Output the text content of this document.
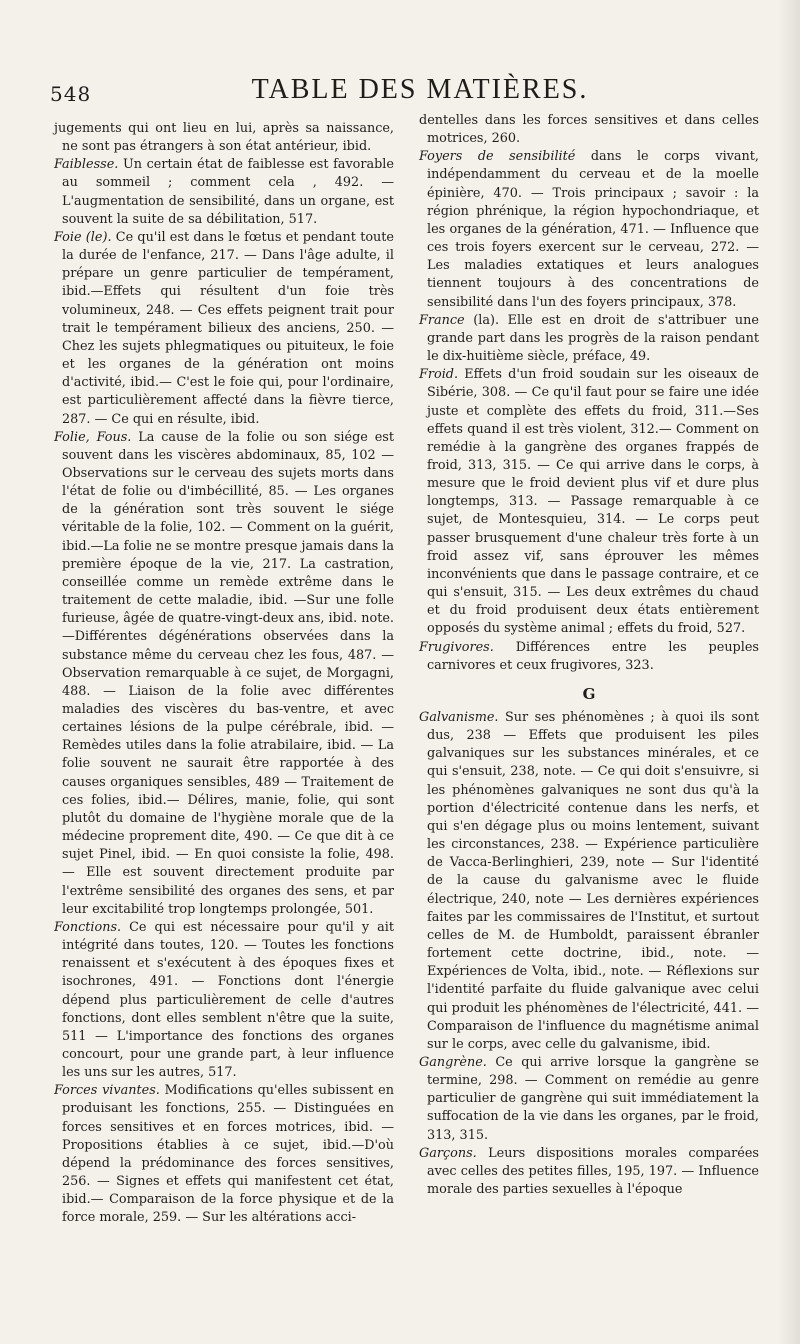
548	TABLE DES MATIÈRES.

jugements qui ont lieu en lui, après sa naissance, ne sont pas étrangers à son état antérieur, ibid.

Faiblesse. Un certain état de faiblesse est favorable au sommeil ; comment cela , 492. — L'augmentation de sensibilité, dans un organe, est souvent la suite de sa débilitation, 517.

Foie (le). Ce qu'il est dans le fœtus et pendant toute la durée de l'enfance, 217. — Dans l'âge adulte, il prépare un genre particulier de tempérament, ibid.—Effets qui résultent d'un foie très volumineux, 248. — Ces effets peignent trait pour trait le tempérament bilieux des anciens, 250. — Chez les sujets phlegmatiques ou pituiteux, le foie et les organes de la génération ont moins d'activité, ibid.— C'est le foie qui, pour l'ordinaire, est particulièrement affecté dans la fièvre tierce, 287. — Ce qui en résulte, ibid.

Folie, Fous. La cause de la folie ou son siége est souvent dans les viscères abdominaux, 85, 102 — Observations sur le cerveau des sujets morts dans l'état de folie ou d'imbécillité, 85. — Les organes de la génération sont très souvent le siége véritable de la folie, 102. — Comment on la guérit, ibid.—La folie ne se montre presque jamais dans la première époque de la vie, 217. La castration, conseillée comme un remède extrême dans le traitement de cette maladie, ibid. —Sur une folle furieuse, âgée de quatre-vingt-deux ans, ibid. note.—Différentes dégénérations observées dans la substance même du cerveau chez les fous, 487. — Observation remarquable à ce sujet, de Morgagni, 488. — Liaison de la folie avec différentes maladies des viscères du bas-ventre, et avec certaines lésions de la pulpe cérébrale, ibid. — Remèdes utiles dans la folie atrabilaire, ibid. — La folie souvent ne saurait être rapportée à des causes organiques sensibles, 489 — Traitement de ces folies, ibid.— Délires, manie, folie, qui sont plutôt du domaine de l'hygiène morale que de la médecine proprement dite, 490. — Ce que dit à ce sujet Pinel, ibid. — En quoi consiste la folie, 498. — Elle est souvent directement produite par l'extrême sensibilité des organes des sens, et par leur excitabilité trop longtemps prolongée, 501.

Fonctions. Ce qui est nécessaire pour qu'il y ait intégrité dans toutes, 120. — Toutes les fonctions renaissent et s'exécutent à des époques fixes et isochrones, 491. — Fonctions dont l'énergie dépend plus particulièrement de celle d'autres fonctions, dont elles semblent n'être que la suite, 511 — L'importance des fonctions des organes concourt, pour une grande part, à leur influence les uns sur les autres, 517.

Forces vivantes. Modifications qu'elles subissent en produisant les fonctions, 255. — Distinguées en forces sensitives et en forces motrices, ibid. — Propositions établies à ce sujet, ibid.—D'où dépend la prédominance des forces sensitives, 256. — Signes et effets qui manifestent cet état, ibid.— Comparaison de la force physique et de la force morale, 259. — Sur les altérations acci-

dentelles dans les forces sensitives et dans celles motrices, 260.

Foyers de sensibilité dans le corps vivant, indépendamment du cerveau et de la moelle épinière, 470. — Trois principaux ; savoir : la région phrénique, la région hypochondriaque, et les organes de la génération, 471. — Influence que ces trois foyers exercent sur le cerveau, 272. — Les maladies extatiques et leurs analogues tiennent toujours à des concentrations de sensibilité dans l'un des foyers principaux, 378.

France (la). Elle est en droit de s'attribuer une grande part dans les progrès de la raison pendant le dix-huitième siècle, préface, 49.

Froid. Effets d'un froid soudain sur les oiseaux de Sibérie, 308. — Ce qu'il faut pour se faire une idée juste et complète des effets du froid, 311.—Ses effets quand il est très violent, 312.— Comment on remédie à la gangrène des organes frappés de froid, 313, 315. — Ce qui arrive dans le corps, à mesure que le froid devient plus vif et dure plus longtemps, 313. — Passage remarquable à ce sujet, de Montesquieu, 314. — Le corps peut passer brusquement d'une chaleur très forte à un froid assez vif, sans éprouver les mêmes inconvénients que dans le passage contraire, et ce qui s'ensuit, 315. — Les deux extrêmes du chaud et du froid produisent deux états entièrement opposés du système animal ; effets du froid, 527.

Frugivores. Différences entre les peuples carnivores et ceux frugivores, 323.

G

Galvanisme. Sur ses phénomènes ; à quoi ils sont dus, 238 — Effets que produisent les piles galvaniques sur les substances minérales, et ce qui s'ensuit, 238, note. — Ce qui doit s'ensuivre, si les phénomènes galvaniques ne sont dus qu'à la portion d'électricité contenue dans les nerfs, et qui s'en dégage plus ou moins lentement, suivant les circonstances, 238. — Expérience particulière de Vacca-Berlinghieri, 239, note — Sur l'identité de la cause du galvanisme avec le fluide électrique, 240, note — Les dernières expériences faites par les commissaires de l'Institut, et surtout celles de M. de Humboldt, paraissent ébranler fortement cette doctrine, ibid., note. — Expériences de Volta, ibid., note. — Réflexions sur l'identité parfaite du fluide galvanique avec celui qui produit les phénomènes de l'électricité, 441. — Comparaison de l'influence du magnétisme animal sur le corps, avec celle du galvanisme, ibid.

Gangrène. Ce qui arrive lorsque la gangrène se termine, 298. — Comment on remédie au genre particulier de gangrène qui suit immédiatement la suffocation de la vie dans les organes, par le froid, 313, 315.

Garçons. Leurs dispositions morales comparées avec celles des petites filles, 195, 197. — Influence morale des parties sexuelles à l'époque
